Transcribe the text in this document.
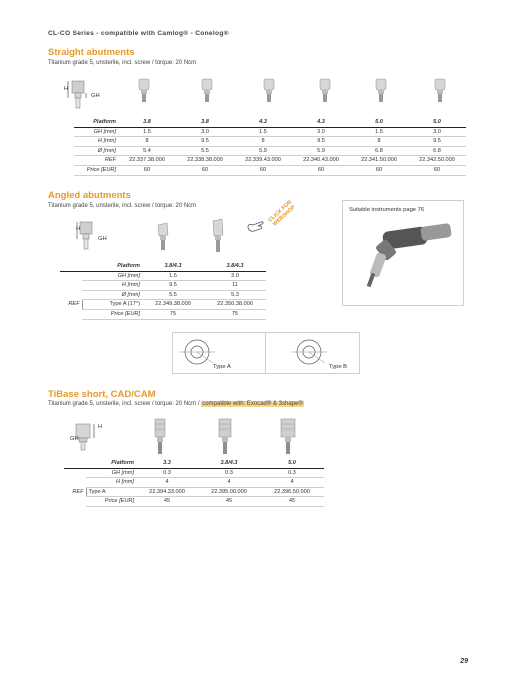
CL-CO Series - compatible with Camlog® - Conelog®
Straight abutments
Titanium grade 5, unsterile, incl. screw / torque: 20 Ncm
H
GH
Platform	3.8	3.8	4.3	4.3	5.0	5.0
GH [mm]	1.5	3.0	1.5	3.0	1.5	3.0
H [mm]	8	9.5	8	9.5	8	9.5
Ø [mm]	5.4	5.5	5.9	5.9	6.8	6.8
REF	22.337.38.000	22.338.38.000	22.339.43.000	22.340.43.000	22.341.50.000	22.342.50.000
Price [EUR]	60	60	60	60	60	60
Angled abutments
Titanium grade 5, unsterile, incl. screw / torque: 20 Ncm
H
GH
CLICK FOR WEBSHOP	Suitable instruments page 76
	Platform	3.8/4.3	3.8/4.3
	GH [mm]	1.5	3.0
	H [mm]	9.5	11
	Ø [mm]	5.5	5.3
REF	Type A (17°)	22.349.38.000	22.350.38.000
	Price [EUR]	75	75
Type A	Type B
TiBase short, CAD/CAM
Titanium grade 5, unsterile, incl. screw / torque: 20 Ncm / compatible with: Exocad® & 3shape®
H
GH
	Platform	3.3	3.8/4.3	5.0
	GH [mm]	0.3	0.3	0.3
	H [mm]	4	4	4
REF	Type A	22.394.33.000	22.395.00.000	22.396.50.000
	Price [EUR]	45	45	45
29
